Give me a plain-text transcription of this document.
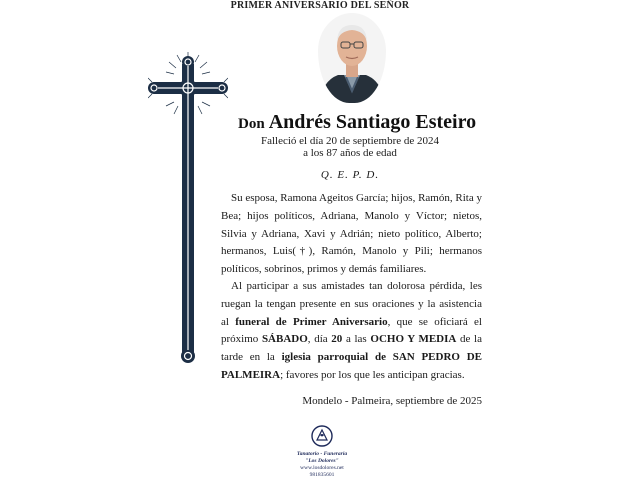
PRIMER ANIVERSARIO DEL SEÑOR
Don Andrés Santiago Esteiro
Falleció el día 20 de septiembre de 2024
a los 87 años de edad
Q. E. P. D.
Su esposa, Ramona Ageitos García; hijos, Ramón, Rita y Bea; hijos políticos, Adriana, Manolo y Víctor; nietos, Silvia y Adriana, Xavi y Adrián; nieto político, Alberto; hermanos, Luis(†), Ramón, Manolo y Pili; hermanos políticos, sobrinos, primos y demás familiares.
Al participar a sus amistades tan dolorosa pérdida, les ruegan la tengan presente en sus oraciones y la asistencia al funeral de Primer Aniversario, que se oficiará el próximo SÁBADO, día 20 a las OCHO Y MEDIA de la tarde en la iglesia parroquial de SAN PEDRO DE PALMEIRA; favores por los que les anticipan gracias.
Mondelo - Palmeira, septiembre de 2025
Tanatorio - Funeraria
"Los Dolores"
www.losdolores.net
981835601
